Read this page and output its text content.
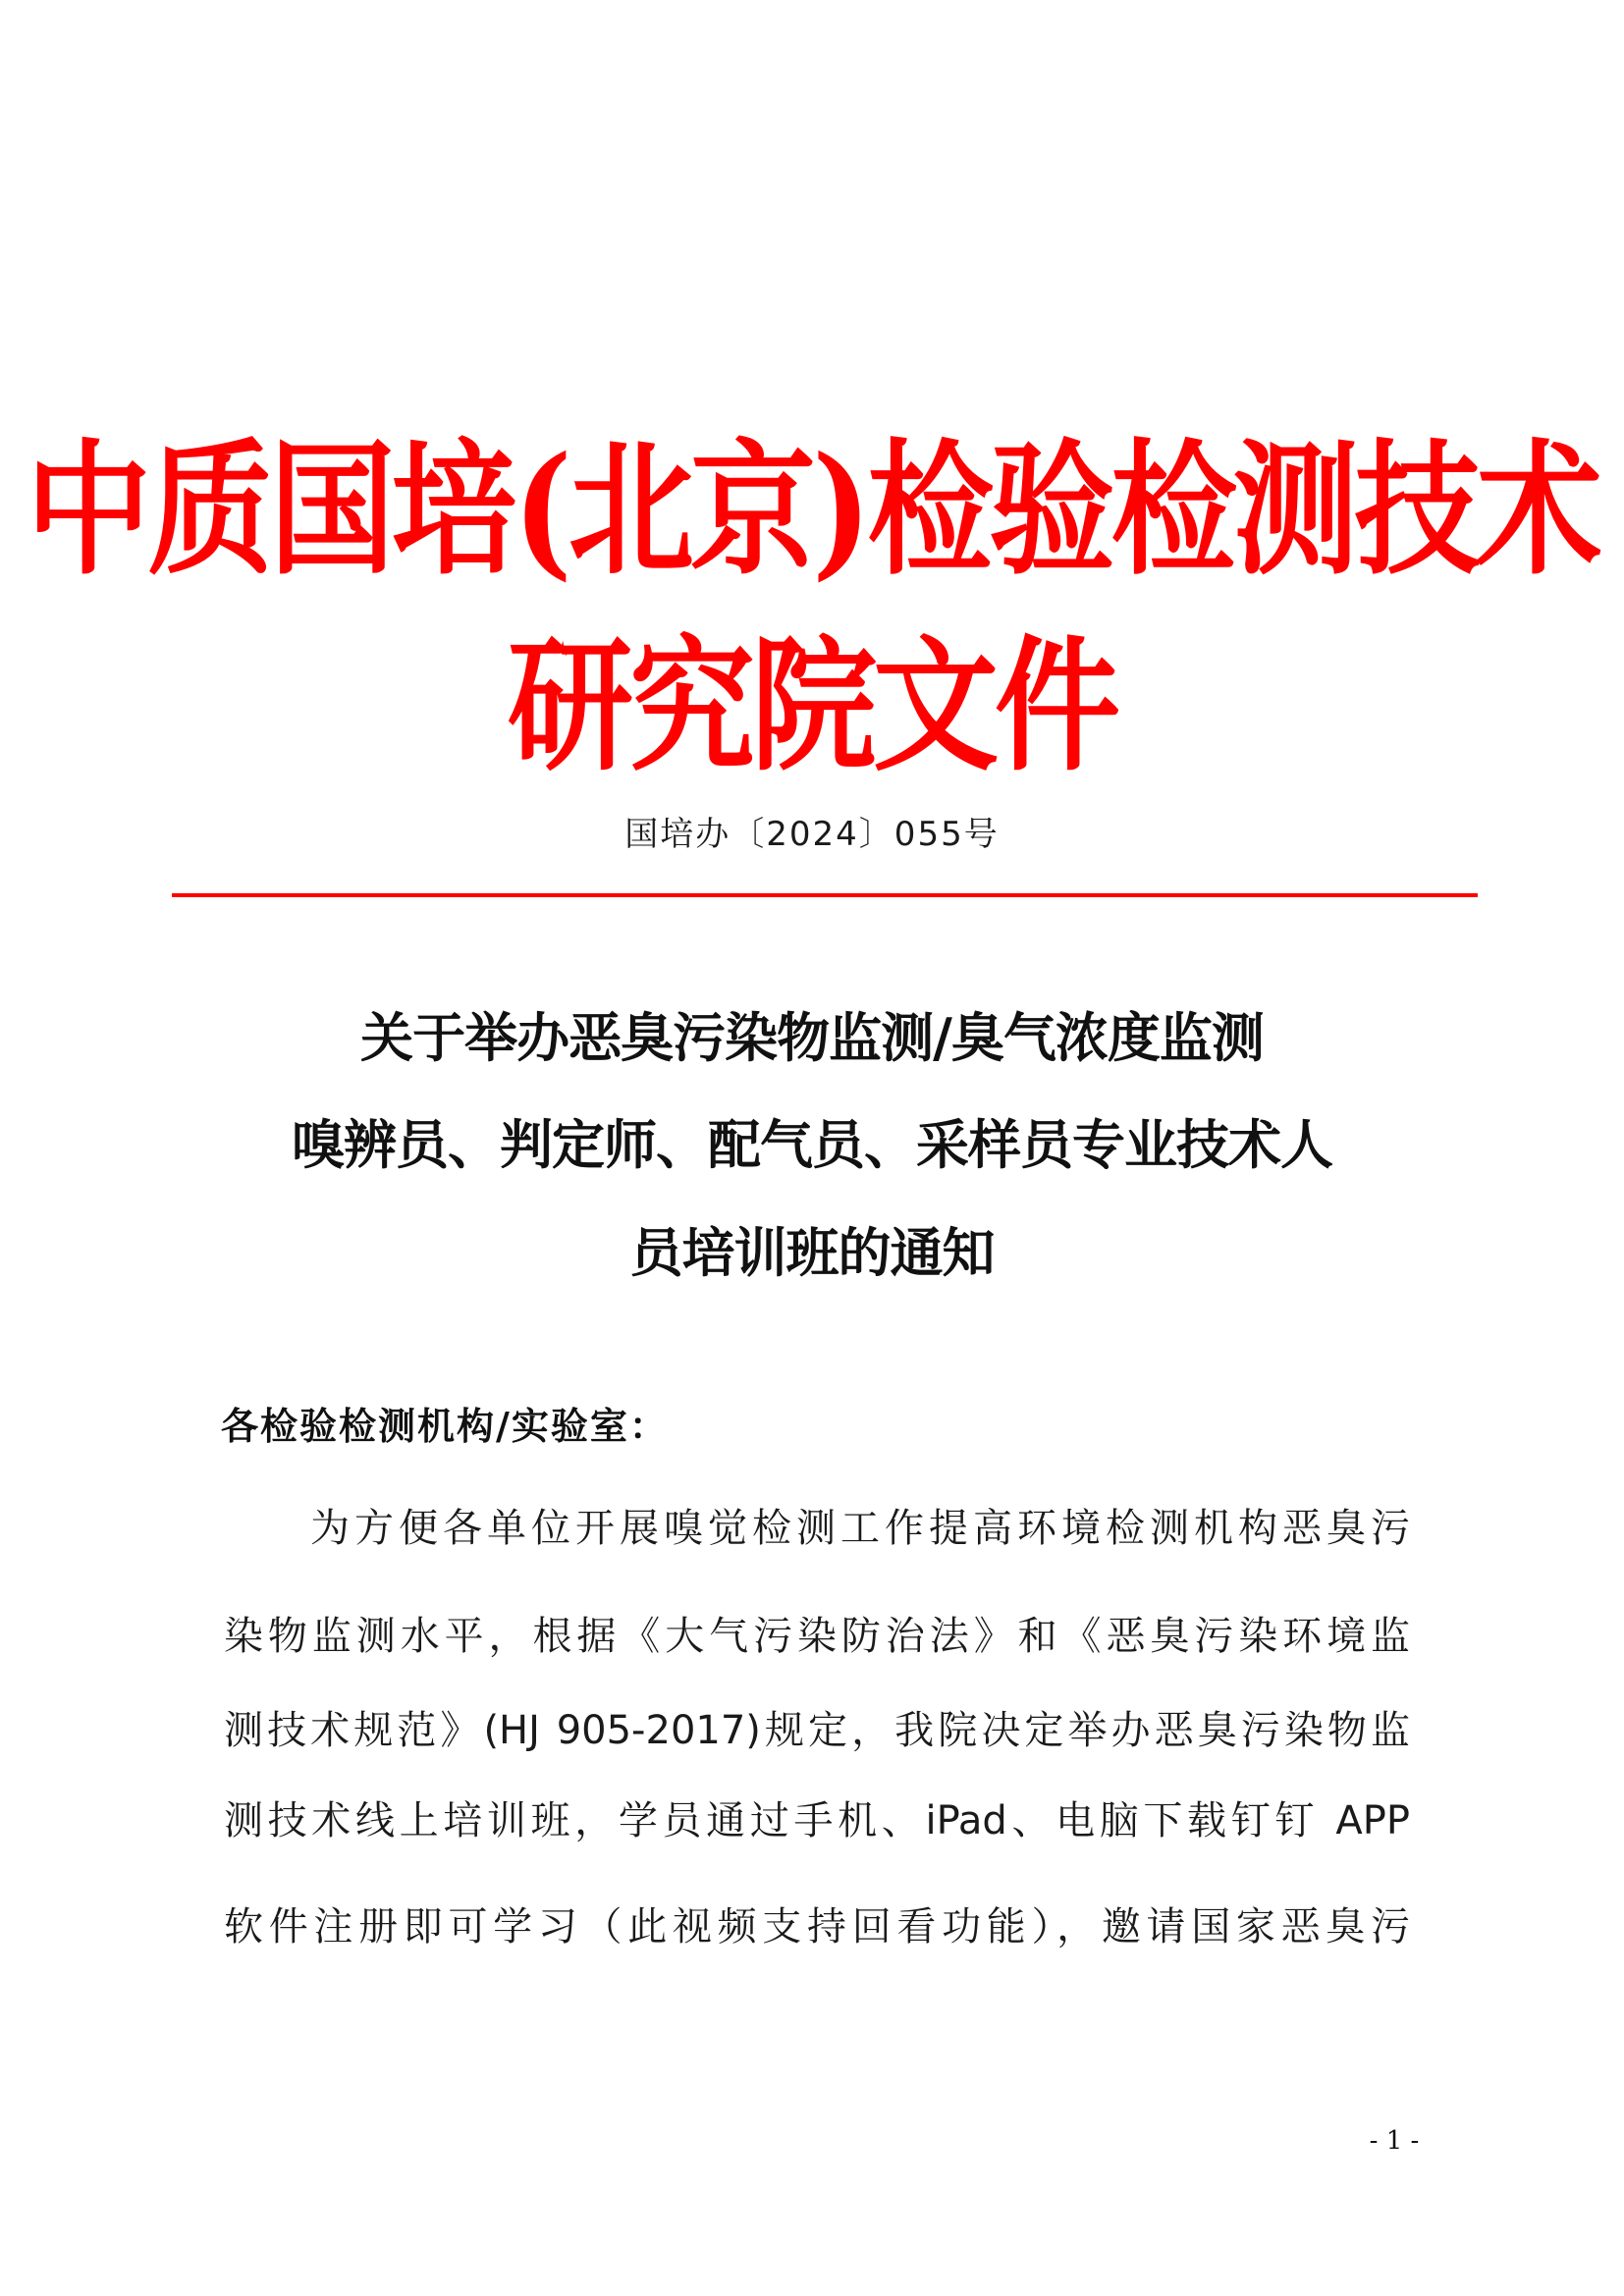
中质国培(北京)检验检测技术
研究院文件
国培办〔2024〕055号
关于举办恶臭污染物监测/臭气浓度监测
嗅辨员、判定师、配气员、采样员专业技术人
员培训班的通知
各检验检测机构/实验室：
为方便各单位开展嗅觉检测工作提高环境检测机构恶臭污
染物监测水平，根据《大气污染防治法》和《恶臭污染环境监
测技术规范》(HJ 905-2017)规定，我院决定举办恶臭污染物监
测技术线上培训班，学员通过手机、iPad、电脑下载钉钉 APP
软件注册即可学习（此视频支持回看功能），邀请国家恶臭污
- 1 -
